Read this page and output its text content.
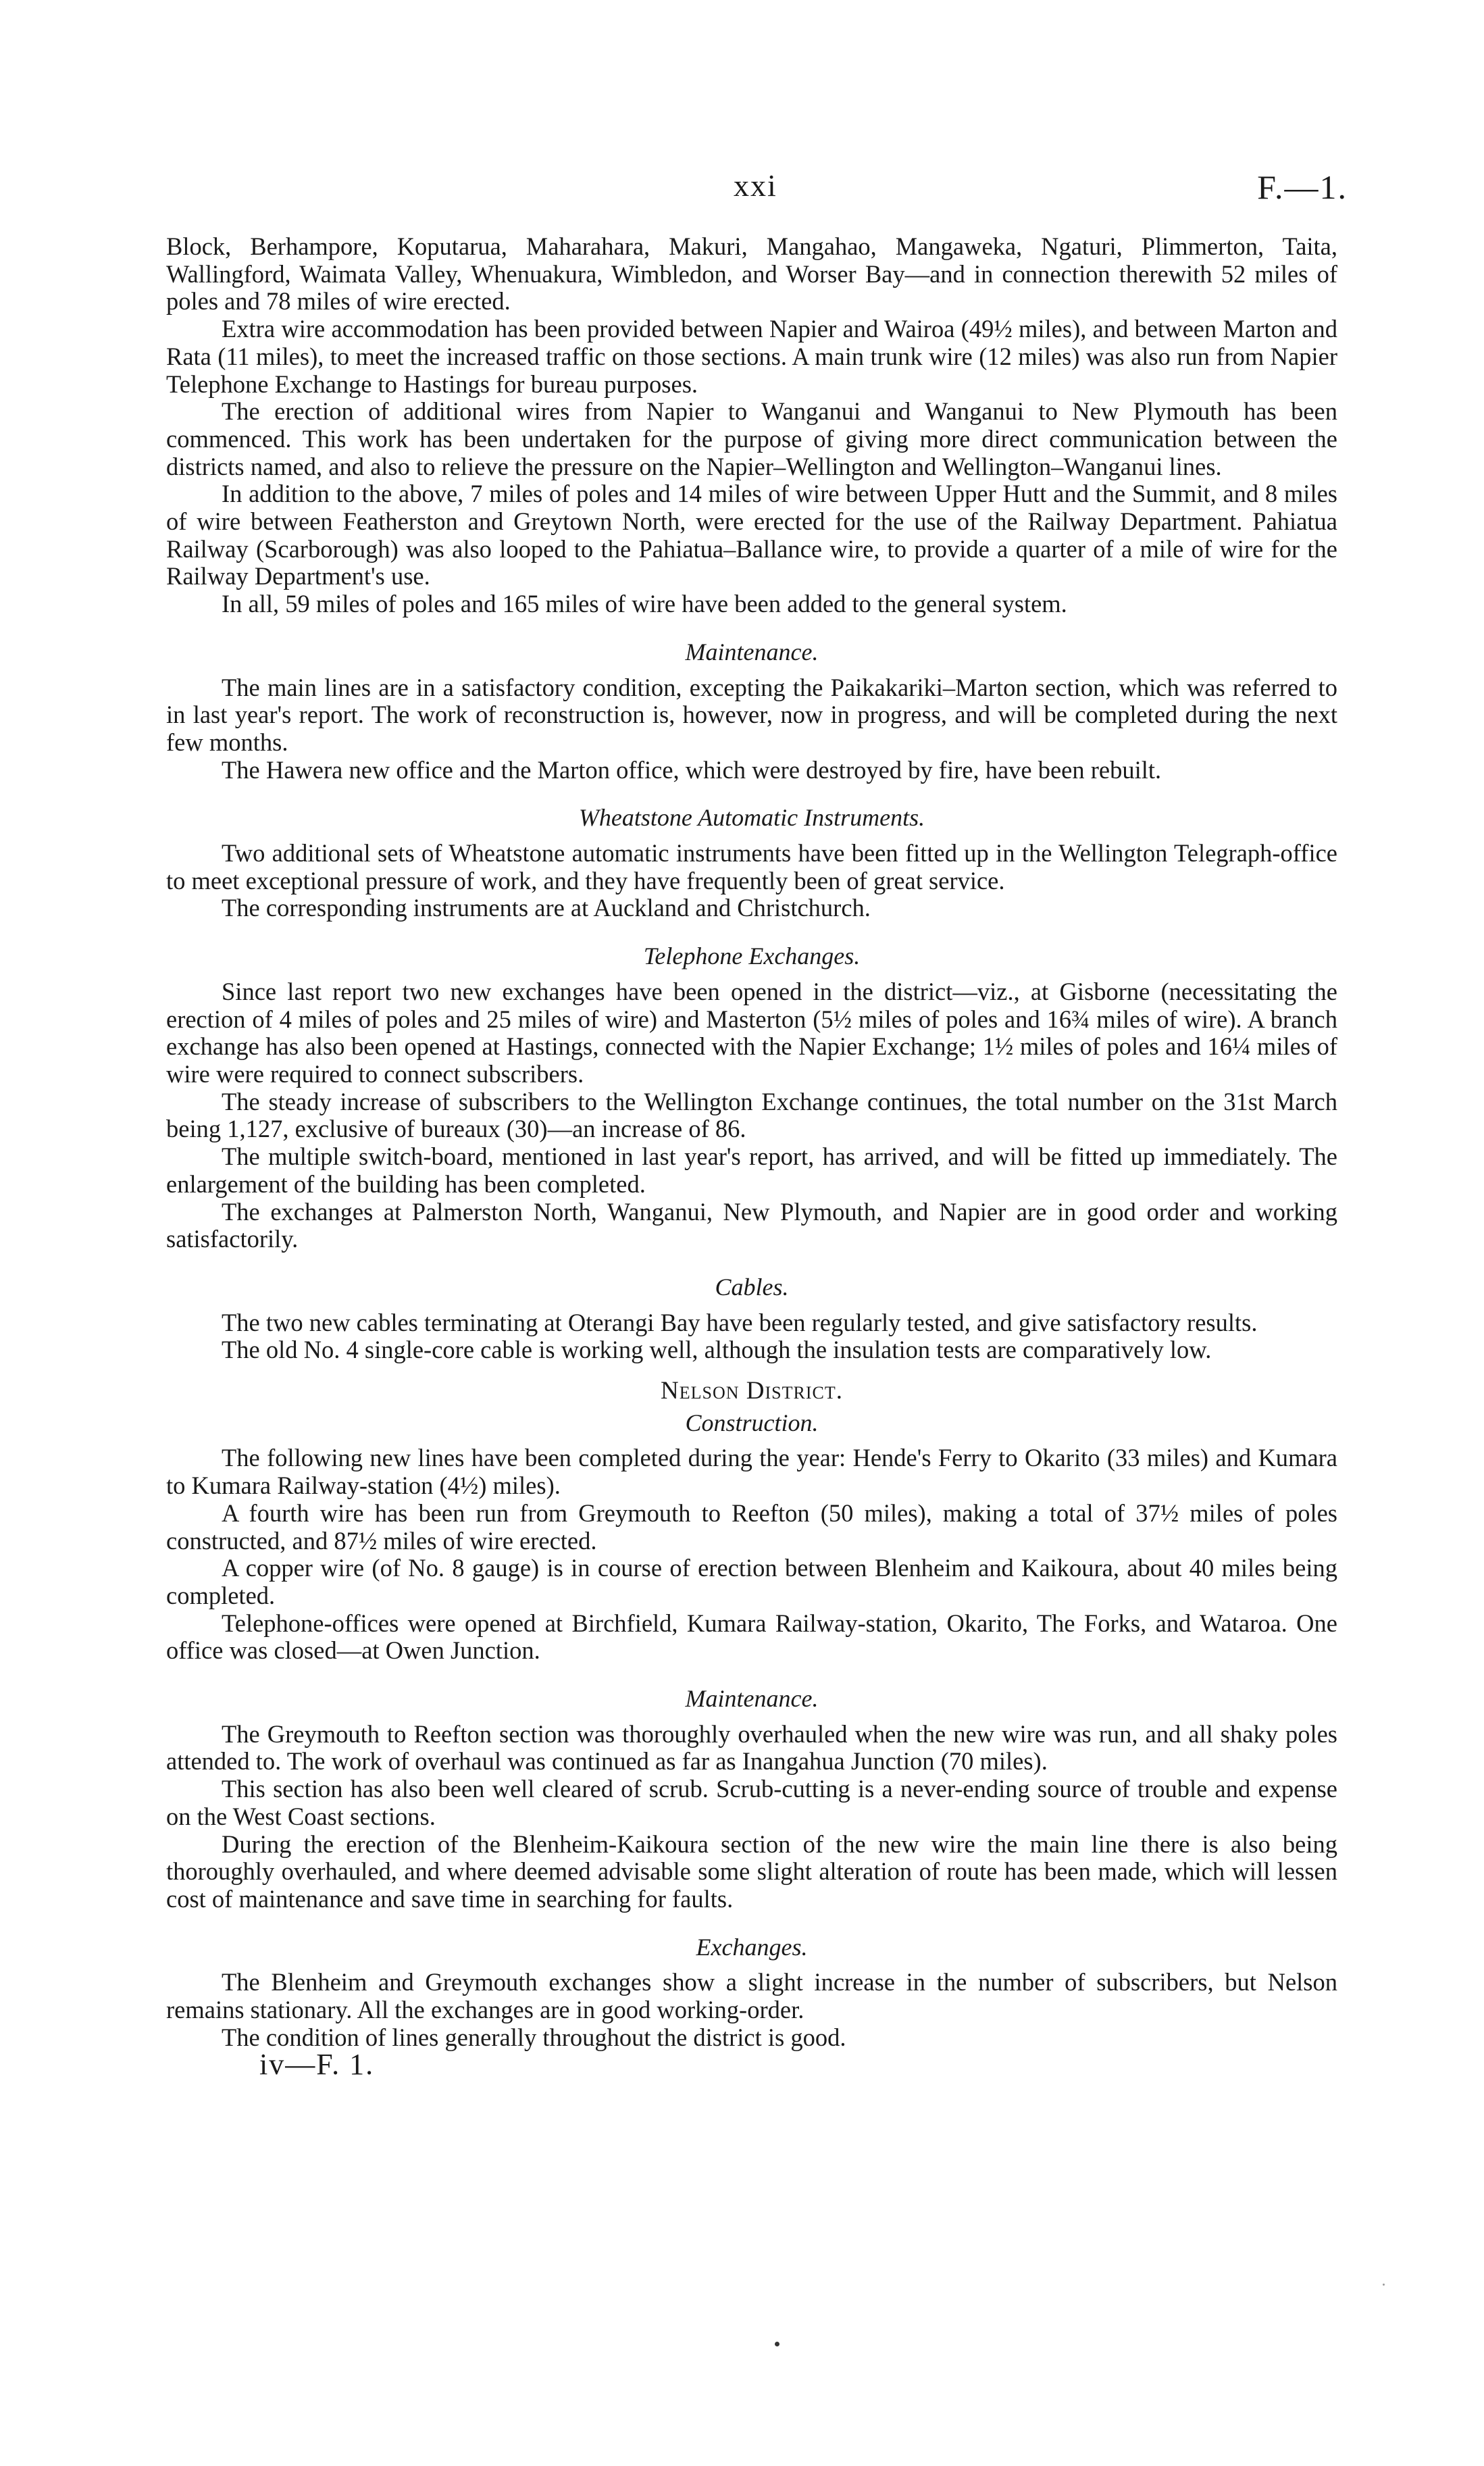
xxi	F.—1.

Block, Berhampore, Koputarua, Maharahara, Makuri, Mangahao, Mangaweka, Ngaturi, Plimmerton, Taita, Wallingford, Waimata Valley, Whenuakura, Wimbledon, and Worser Bay—and in connection therewith 52 miles of poles and 78 miles of wire erected.

Extra wire accommodation has been provided between Napier and Wairoa (49½ miles), and between Marton and Rata (11 miles), to meet the increased traffic on those sections. A main trunk wire (12 miles) was also run from Napier Telephone Exchange to Hastings for bureau purposes.

The erection of additional wires from Napier to Wanganui and Wanganui to New Plymouth has been commenced. This work has been undertaken for the purpose of giving more direct communication between the districts named, and also to relieve the pressure on the Napier–Wellington and Wellington–Wanganui lines.

In addition to the above, 7 miles of poles and 14 miles of wire between Upper Hutt and the Summit, and 8 miles of wire between Featherston and Greytown North, were erected for the use of the Railway Department. Pahiatua Railway (Scarborough) was also looped to the Pahiatua–Ballance wire, to provide a quarter of a mile of wire for the Railway Department's use.

In all, 59 miles of poles and 165 miles of wire have been added to the general system.

Maintenance.

The main lines are in a satisfactory condition, excepting the Paikakariki–Marton section, which was referred to in last year's report. The work of reconstruction is, however, now in progress, and will be completed during the next few months.

The Hawera new office and the Marton office, which were destroyed by fire, have been rebuilt.

Wheatstone Automatic Instruments.

Two additional sets of Wheatstone automatic instruments have been fitted up in the Wellington Telegraph-office to meet exceptional pressure of work, and they have frequently been of great service.

The corresponding instruments are at Auckland and Christchurch.

Telephone Exchanges.

Since last report two new exchanges have been opened in the district—viz., at Gisborne (necessitating the erection of 4 miles of poles and 25 miles of wire) and Masterton (5½ miles of poles and 16¾ miles of wire). A branch exchange has also been opened at Hastings, connected with the Napier Exchange; 1½ miles of poles and 16¼ miles of wire were required to connect subscribers.

The steady increase of subscribers to the Wellington Exchange continues, the total number on the 31st March being 1,127, exclusive of bureaux (30)—an increase of 86.

The multiple switch-board, mentioned in last year's report, has arrived, and will be fitted up immediately. The enlargement of the building has been completed.

The exchanges at Palmerston North, Wanganui, New Plymouth, and Napier are in good order and working satisfactorily.

Cables.

The two new cables terminating at Oterangi Bay have been regularly tested, and give satisfactory results.

The old No. 4 single-core cable is working well, although the insulation tests are comparatively low.

Nelson District.
Construction.

The following new lines have been completed during the year: Hende's Ferry to Okarito (33 miles) and Kumara to Kumara Railway-station (4½) miles).

A fourth wire has been run from Greymouth to Reefton (50 miles), making a total of 37½ miles of poles constructed, and 87½ miles of wire erected.

A copper wire (of No. 8 gauge) is in course of erection between Blenheim and Kaikoura, about 40 miles being completed.

Telephone-offices were opened at Birchfield, Kumara Railway-station, Okarito, The Forks, and Wataroa. One office was closed—at Owen Junction.

Maintenance.

The Greymouth to Reefton section was thoroughly overhauled when the new wire was run, and all shaky poles attended to. The work of overhaul was continued as far as Inangahua Junction (70 miles).

This section has also been well cleared of scrub. Scrub-cutting is a never-ending source of trouble and expense on the West Coast sections.

During the erection of the Blenheim-Kaikoura section of the new wire the main line there is also being thoroughly overhauled, and where deemed advisable some slight alteration of route has been made, which will lessen cost of maintenance and save time in searching for faults.

Exchanges.

The Blenheim and Greymouth exchanges show a slight increase in the number of subscribers, but Nelson remains stationary. All the exchanges are in good working-order.

The condition of lines generally throughout the district is good.

iv—F. 1.
